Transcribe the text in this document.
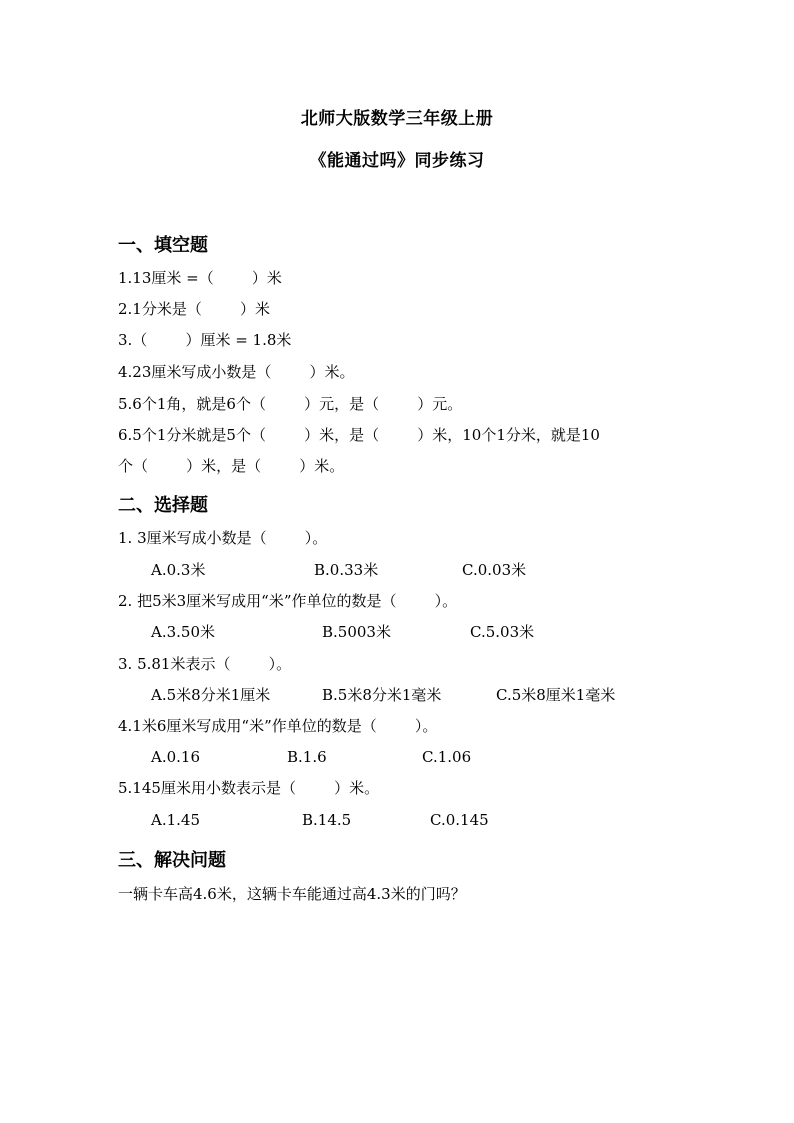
北师大版数学三年级上册
《能通过吗》同步练习
一、填空题
1.13厘米 =（        ）米
2.1分米是（        ）米
3.（        ）厘米 = 1.8米
4.23厘米写成小数是（        ）米。
5.6个1角，就是6个（        ）元，是（        ）元。
6.5个1分米就是5个（        ）米，是（        ）米，10个1分米，就是10
个（        ）米，是（        ）米。
二、选择题
1. 3厘米写成小数是（        ）。
A.0.3米	B.0.33米	C.0.03米
2. 把5米3厘米写成用“米”作单位的数是（        ）。
A.3.50米	B.5003米	C.5.03米
3. 5.81米表示（        ）。
A.5米8分米1厘米	B.5米8分米1毫米	C.5米8厘米1毫米
4.1米6厘米写成用“米”作单位的数是（        ）。
A.0.16	B.1.6	C.1.06
5.145厘米用小数表示是（        ）米。
A.1.45	B.14.5	C.0.145
三、解决问题
一辆卡车高4.6米，这辆卡车能通过高4.3米的门吗？
